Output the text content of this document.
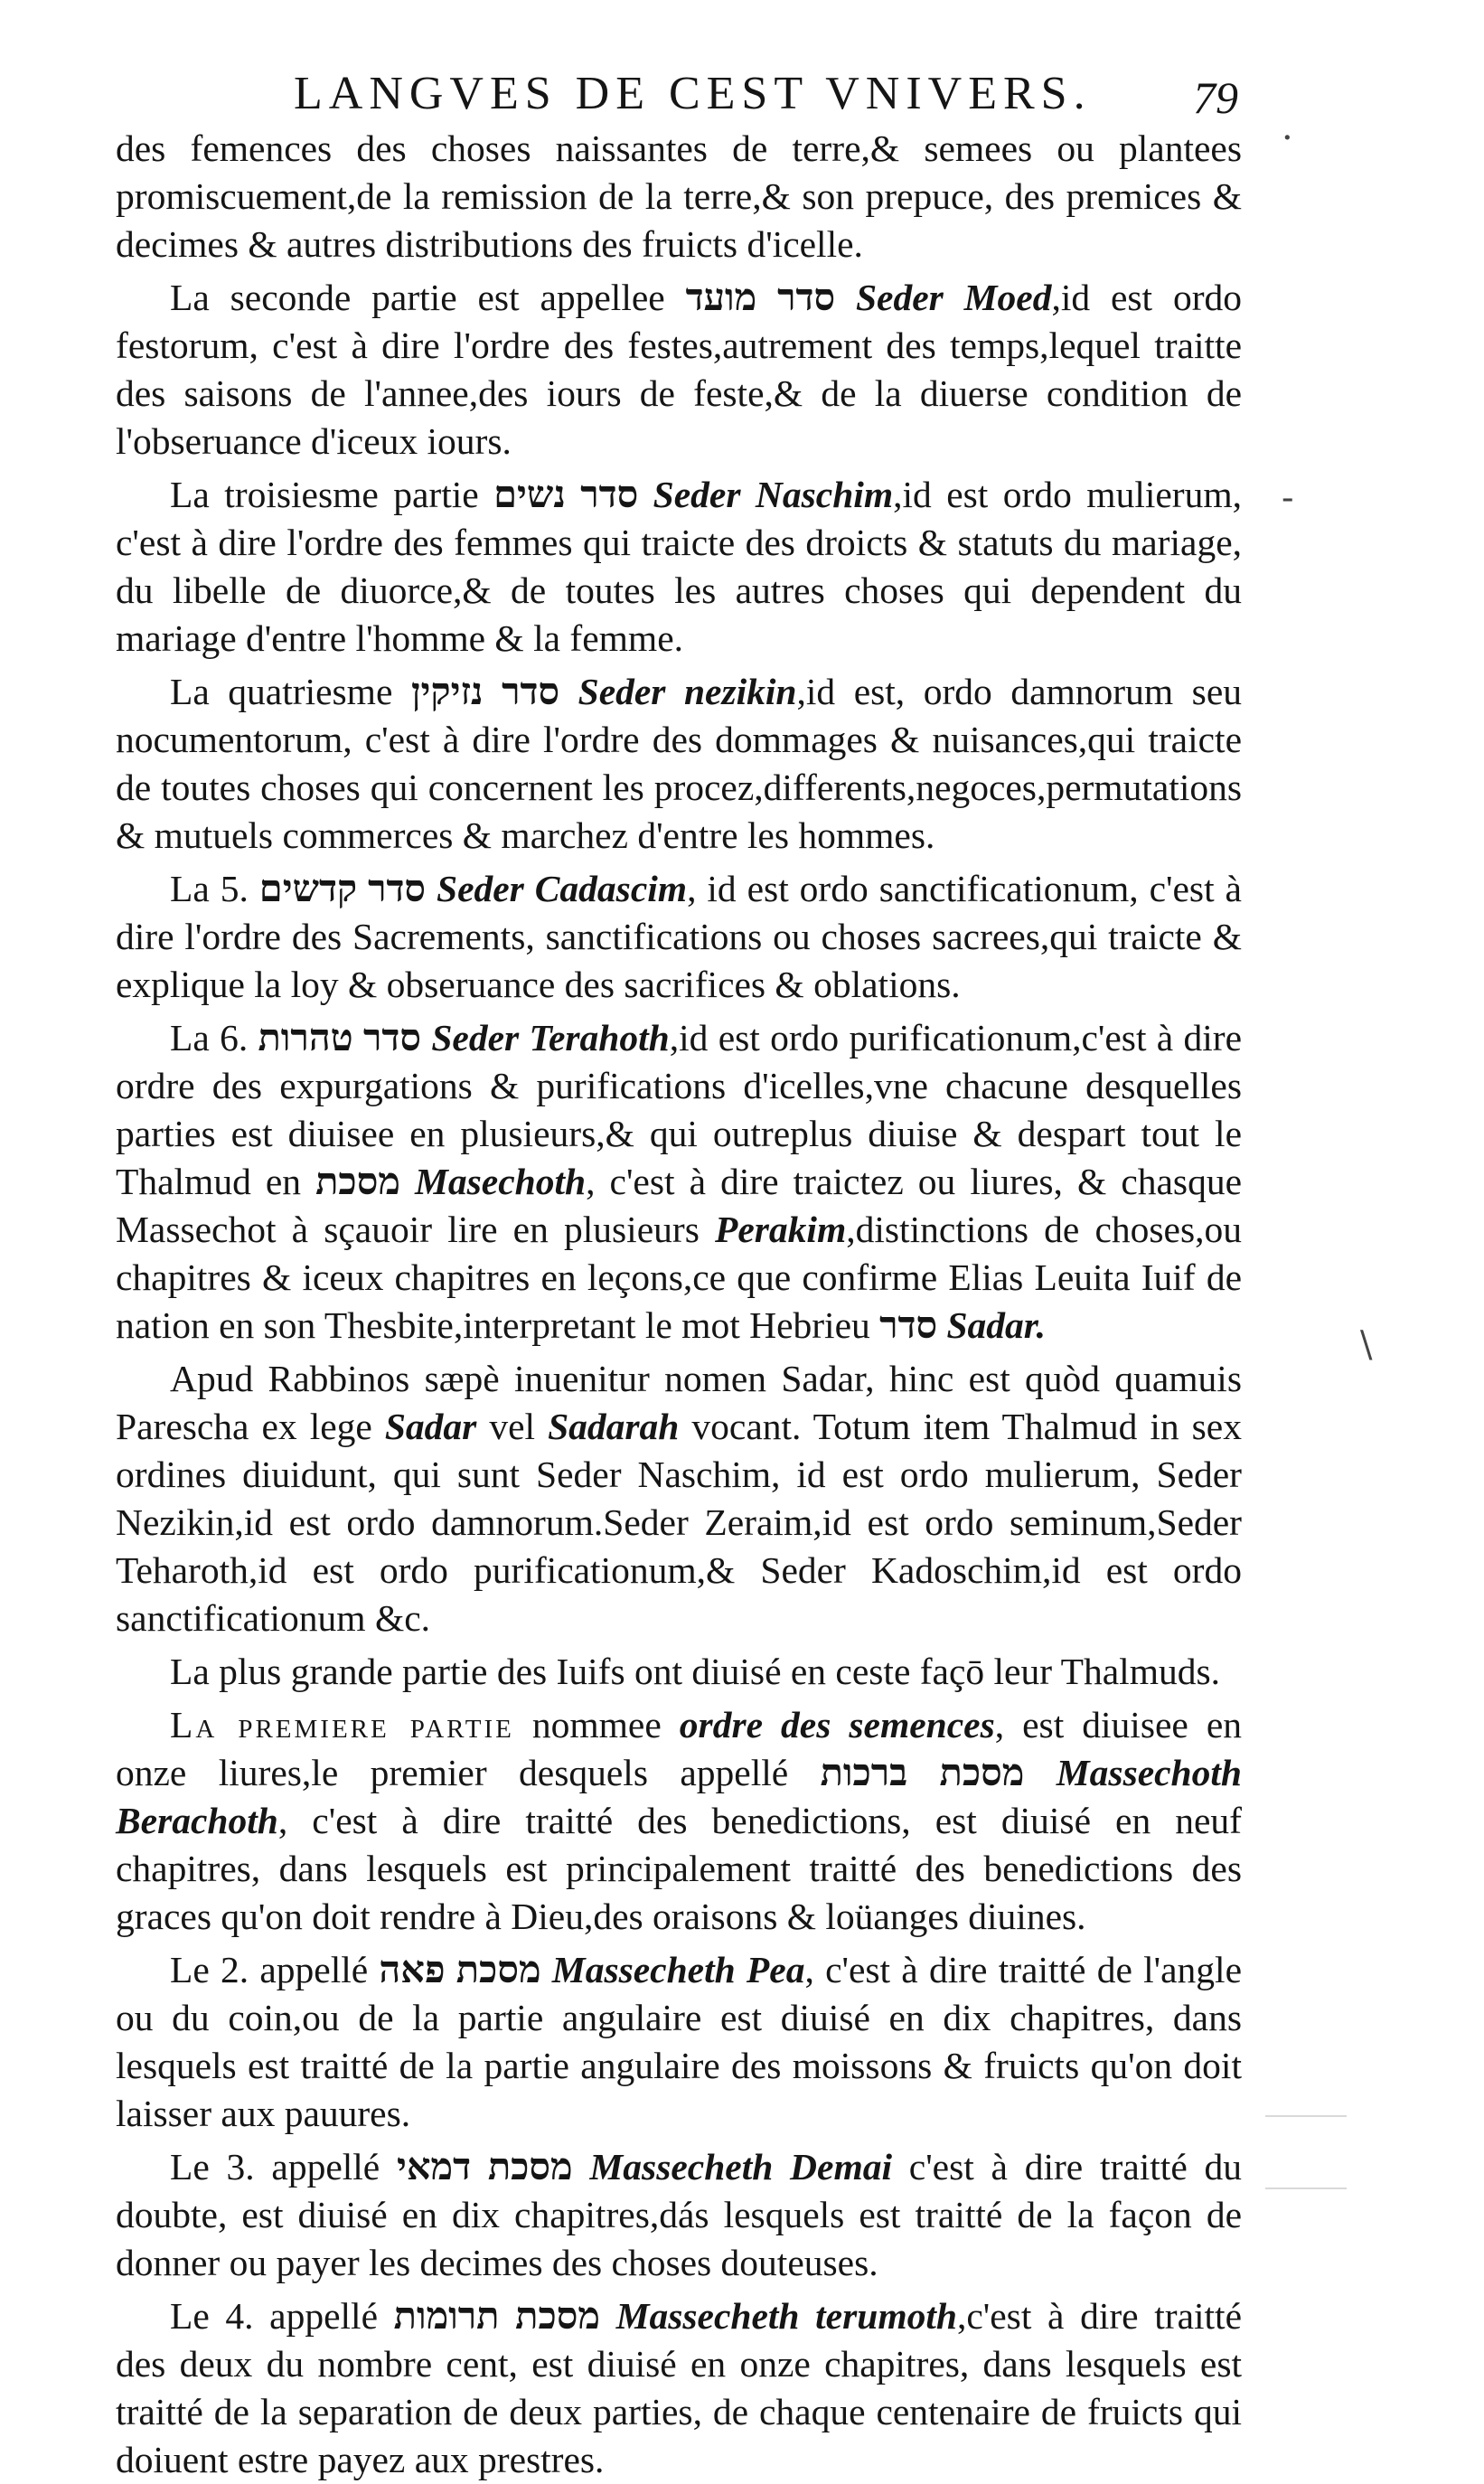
LANGVES DE CEST VNIVERS. 79

des femences des choses naissantes de terre,& semees ou plantees promiscuement,de la remission de la terre,& son prepuce, des premices & decimes & autres distributions des fruicts d'icelle.

La seconde partie est appellee סדר מועד Seder Moed,id est ordo festorum, c'est à dire l'ordre des festes,autrement des temps,lequel traitte des saisons de l'annee,des iours de feste,& de la diuerse condition de l'obseruance d'iceux iours.

La troisiesme partie סדר נשים Seder Naschim,id est ordo mulierum, c'est à dire l'ordre des femmes qui traicte des droicts & statuts du mariage, du libelle de diuorce,& de toutes les autres choses qui dependent du mariage d'entre l'homme & la femme.

La quatriesme סדר נזיקין Seder nezikin,id est, ordo damnorum seu nocumentorum, c'est à dire l'ordre des dommages & nuisances,qui traicte de toutes choses qui concernent les procez,differents,negoces,permutations & mutuels commerces & marchez d'entre les hommes.

La 5. סדר קדשים Seder Cadascim, id est ordo sanctificationum, c'est à dire l'ordre des Sacrements, sanctifications ou choses sacrees,qui traicte & explique la loy & obseruance des sacrifices & oblations.

La 6. סדר טהרות Seder Terahoth,id est ordo purificationum,c'est à dire ordre des expurgations & purifications d'icelles,vne chacune desquelles parties est diuisee en plusieurs,& qui outreplus diuise & despart tout le Thalmud en מסכת Masechoth, c'est à dire traictez ou liures, & chasque Massechot à sçauoir lire en plusieurs Perakim,distinctions de choses,ou chapitres & iceux chapitres en leçons,ce que confirme Elias Leuita Iuif de nation en son Thesbite,interpretant le mot Hebrieu סדר Sadar.

Apud Rabbinos sæpè inuenitur nomen Sadar, hinc est quòd quamuis Parescha ex lege Sadar vel Sadarah vocant. Totum item Thalmud in sex ordines diuidunt, qui sunt Seder Naschim, id est ordo mulierum, Seder Nezikin,id est ordo damnorum.Seder Zeraim,id est ordo seminum,Seder Teharoth,id est ordo purificationum,& Seder Kadoschim,id est ordo sanctificationum &c.

La plus grande partie des Iuifs ont diuisé en ceste façō leur Thalmuds.

La premiere partie nommee ordre des semences, est diuisee en onze liures,le premier desquels appellé מסכת ברכות Massechoth Berachoth, c'est à dire traitté des benedictions, est diuisé en neuf chapitres, dans lesquels est principalement traitté des benedictions des graces qu'on doit rendre à Dieu,des oraisons & loüanges diuines.

Le 2. appellé מסכת פאה Massecheth Pea, c'est à dire traitté de l'angle ou du coin,ou de la partie angulaire est diuisé en dix chapitres, dans lesquels est traitté de la partie angulaire des moissons & fruicts qu'on doit laisser aux pauures.

Le 3. appellé מסכת דמאי Massecheth Demai c'est à dire traitté du doubte, est diuisé en dix chapitres,dás lesquels est traitté de la façon de donner ou payer les decimes des choses douteuses.

Le 4. appellé מסכת תרומות Massecheth terumoth,c'est à dire traitté des deux du nombre cent, est diuisé en onze chapitres, dans lesquels est traitté de la separation de deux parties, de chaque centenaire de fruicts qui doiuent estre payez aux prestres.

·
-
\
